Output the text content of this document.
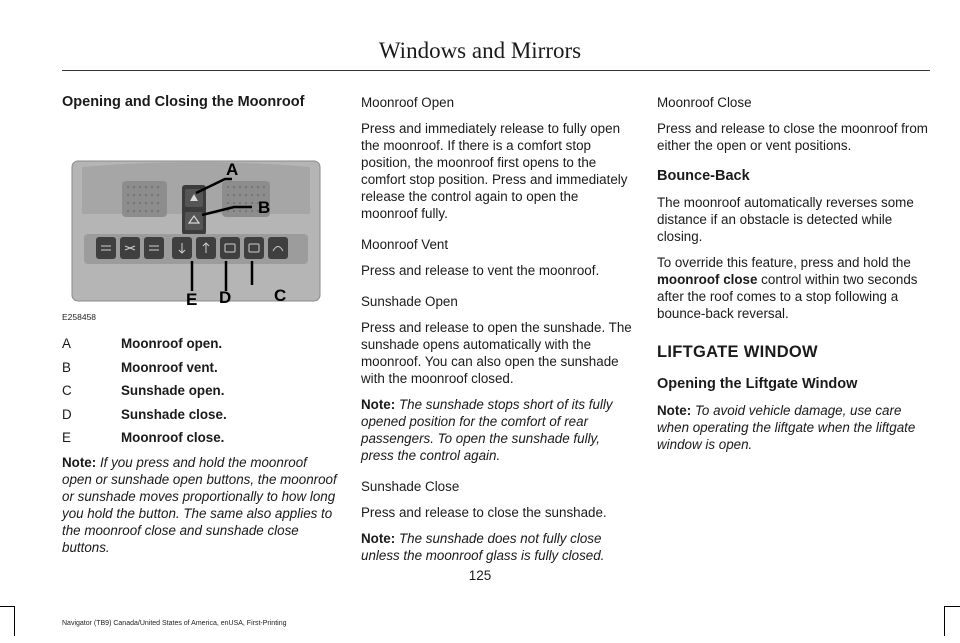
Windows and Mirrors
Opening and Closing the Moonroof
A
B
C
D
E
E258458
A	Moonroof open.
B	Moonroof vent.
C	Sunshade open.
D	Sunshade close.
E	Moonroof close.
Note: If you press and hold the moonroof open or sunshade open buttons, the moonroof or sunshade moves proportionally to how long you hold the button. The same also applies to the moonroof close and sunshade close buttons.
Moonroof Open
Press and immediately release to fully open the moonroof. If there is a comfort stop position, the moonroof first opens to the comfort stop position. Press and immediately release the control again to open the moonroof fully.
Moonroof Vent
Press and release to vent the moonroof.
Sunshade Open
Press and release to open the sunshade. The sunshade opens automatically with the moonroof. You can also open the sunshade with the moonroof closed.
Note: The sunshade stops short of its fully opened position for the comfort of rear passengers. To open the sunshade fully, press the control again.
Sunshade Close
Press and release to close the sunshade.
Note: The sunshade does not fully close unless the moonroof glass is fully closed.
Moonroof Close
Press and release to close the moonroof from either the open or vent positions.
Bounce-Back
The moonroof automatically reverses some distance if an obstacle is detected while closing.
To override this feature, press and hold the moonroof close control within two seconds after the roof comes to a stop following a bounce-back reversal.
LIFTGATE WINDOW
Opening the Liftgate Window
Note: To avoid vehicle damage, use care when operating the liftgate when the liftgate window is open.
125
Navigator (TB9) Canada/United States of America, enUSA, First-Printing
